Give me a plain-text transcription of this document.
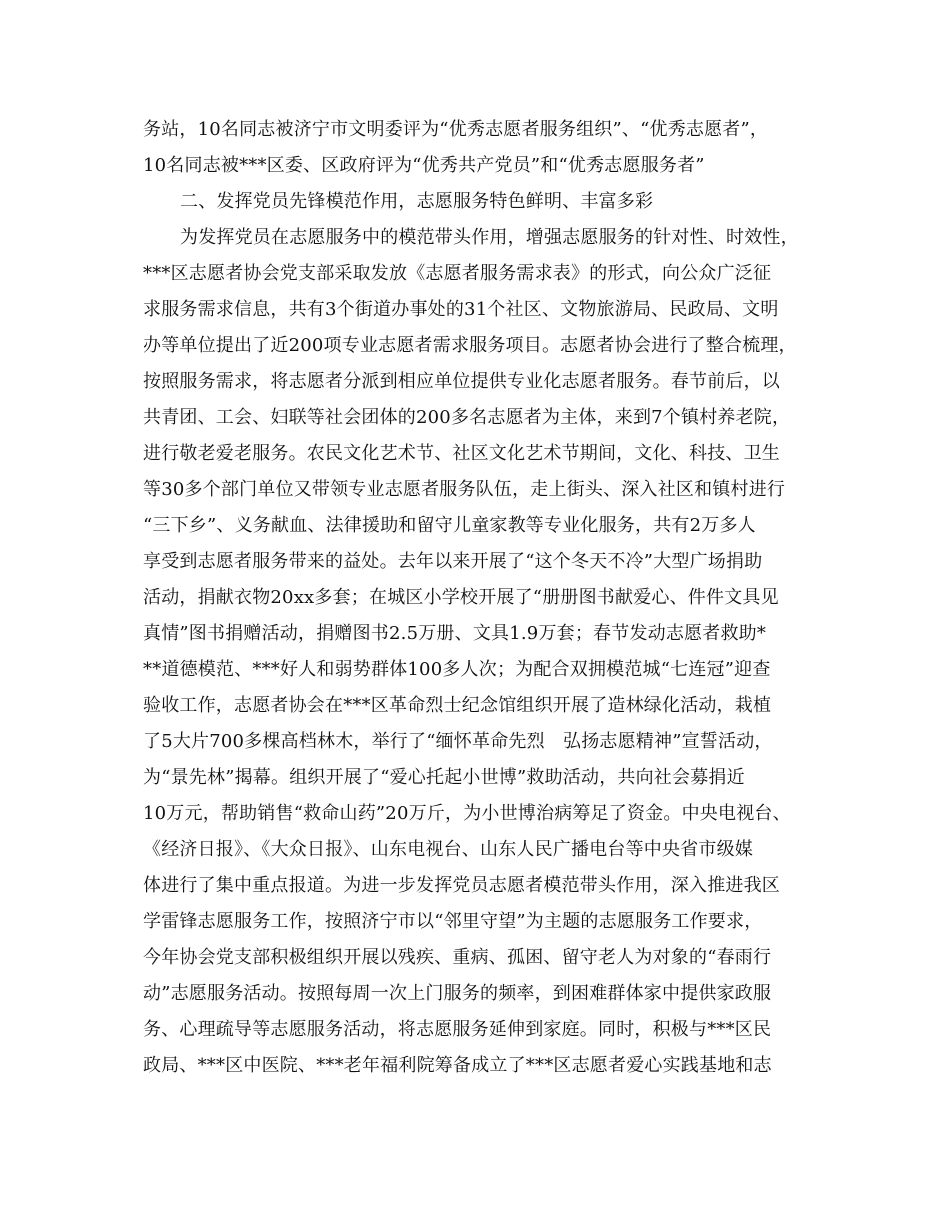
务站，10名同志被济宁市文明委评为“优秀志愿者服务组织”、“优秀志愿者”，
10名同志被***区委、区政府评为“优秀共产党员”和“优秀志愿服务者”
二、发挥党员先锋模范作用，志愿服务特色鲜明、丰富多彩
为发挥党员在志愿服务中的模范带头作用，增强志愿服务的针对性、时效性，
***区志愿者协会党支部采取发放《志愿者服务需求表》的形式，向公众广泛征
求服务需求信息，共有3个街道办事处的31个社区、文物旅游局、民政局、文明
办等单位提出了近200项专业志愿者需求服务项目。志愿者协会进行了整合梳理，
按照服务需求，将志愿者分派到相应单位提供专业化志愿者服务。春节前后，以
共青团、工会、妇联等社会团体的200多名志愿者为主体，来到7个镇村养老院，
进行敬老爱老服务。农民文化艺术节、社区文化艺术节期间，文化、科技、卫生
等30多个部门单位又带领专业志愿者服务队伍，走上街头、深入社区和镇村进行
“三下乡”、义务献血、法律援助和留守儿童家教等专业化服务，共有2万多人
享受到志愿者服务带来的益处。去年以来开展了“这个冬天不冷”大型广场捐助
活动，捐献衣物20xx多套；在城区小学校开展了“册册图书献爱心、件件文具见
真情”图书捐赠活动，捐赠图书2.5万册、文具1.9万套；春节发动志愿者救助*
**道德模范、***好人和弱势群体100多人次；为配合双拥模范城“七连冠”迎查
验收工作，志愿者协会在***区革命烈士纪念馆组织开展了造林绿化活动，栽植
了5大片700多棵高档林木，举行了“缅怀革命先烈　弘扬志愿精神”宣誓活动，
为“景先林”揭幕。组织开展了“爱心托起小世博”救助活动，共向社会募捐近
10万元，帮助销售“救命山药”20万斤，为小世博治病筹足了资金。中央电视台、
《经济日报》、《大众日报》、山东电视台、山东人民广播电台等中央省市级媒
体进行了集中重点报道。为进一步发挥党员志愿者模范带头作用，深入推进我区
学雷锋志愿服务工作，按照济宁市以“邻里守望”为主题的志愿服务工作要求，
今年协会党支部积极组织开展以残疾、重病、孤困、留守老人为对象的“春雨行
动”志愿服务活动。按照每周一次上门服务的频率，到困难群体家中提供家政服
务、心理疏导等志愿服务活动，将志愿服务延伸到家庭。同时，积极与***区民
政局、***区中医院、***老年福利院筹备成立了***区志愿者爱心实践基地和志
